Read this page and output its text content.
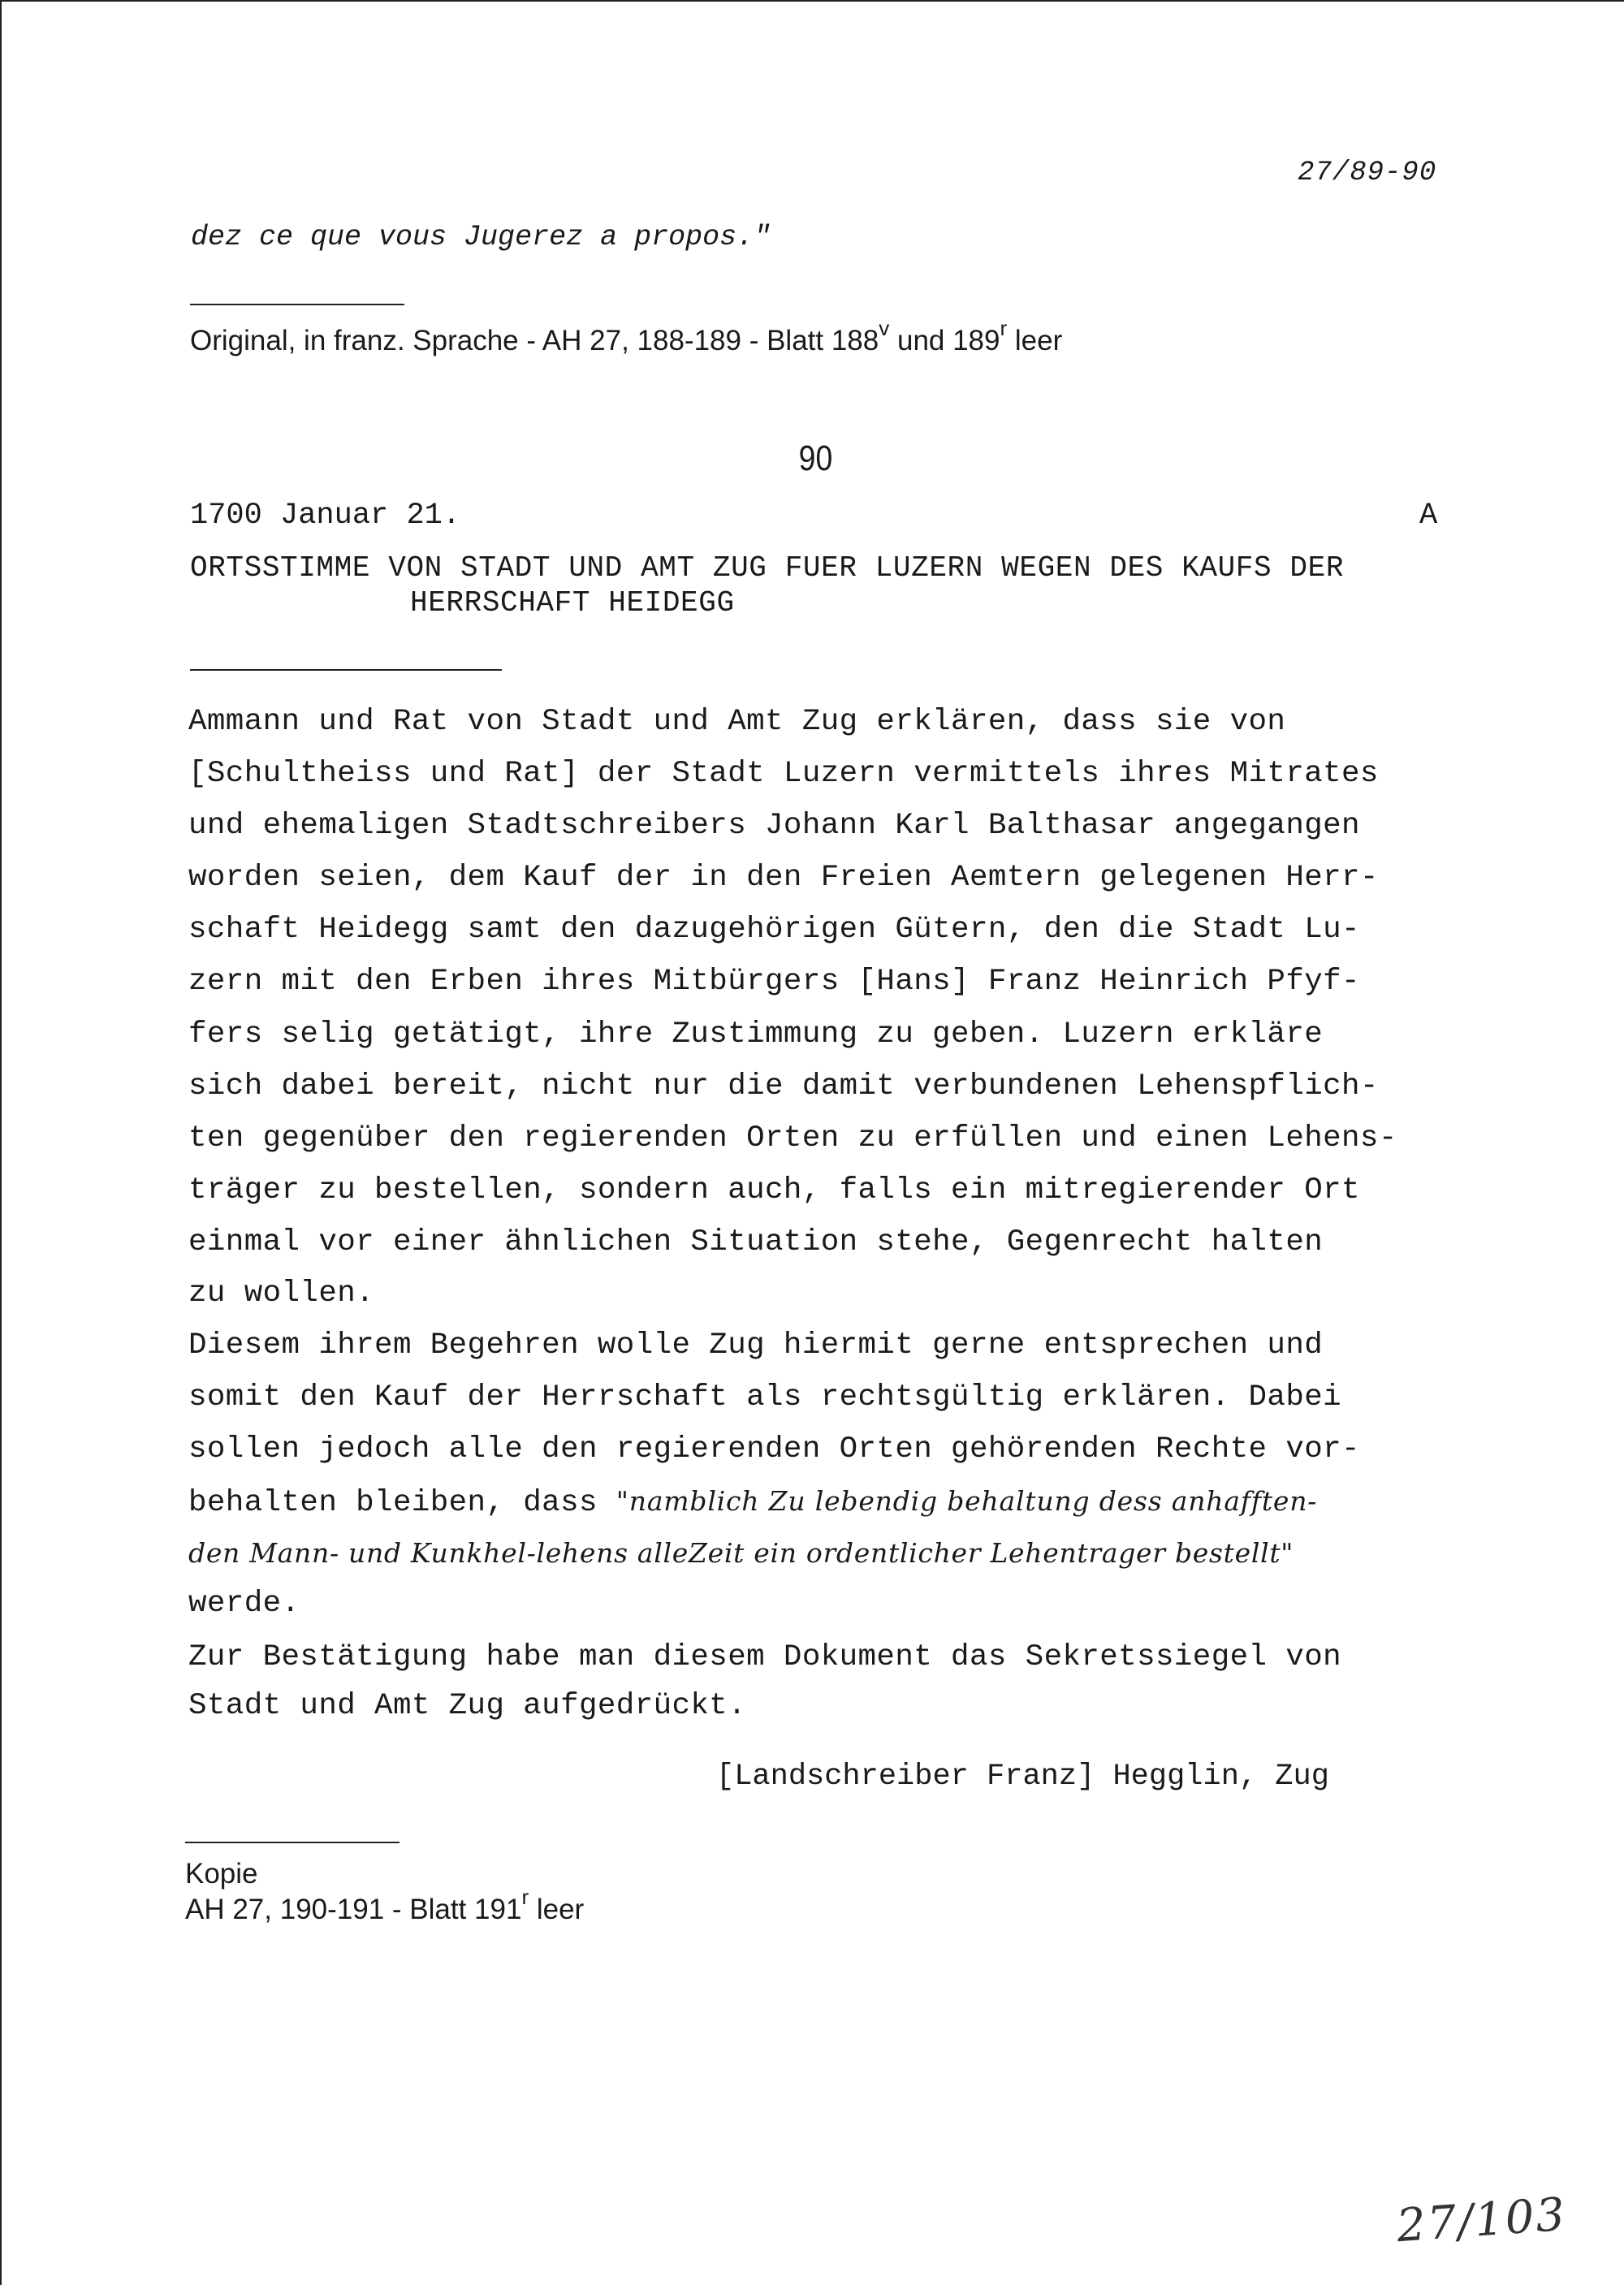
27/89-90
dez ce que vous Jugerez a propos."
Original, in franz. Sprache - AH 27, 188-189 - Blatt 188$^v$ und 189$^r$ leer
90
1700 Januar 21.	A
ORTSSTIMME VON STADT UND AMT ZUG FUER LUZERN WEGEN DES KAUFS DER
HERRSCHAFT HEIDEGG
Ammann und Rat von Stadt und Amt Zug erklären, dass sie von
[Schultheiss und Rat] der Stadt Luzern vermittels ihres Mitrates
und ehemaligen Stadtschreibers Johann Karl Balthasar angegangen
worden seien, dem Kauf der in den Freien Aemtern gelegenen Herr-
schaft Heidegg samt den dazugehörigen Gütern, den die Stadt Lu-
zern mit den Erben ihres Mitbürgers [Hans] Franz Heinrich Pfyf-
fers selig getätigt, ihre Zustimmung zu geben. Luzern erkläre
sich dabei bereit, nicht nur die damit verbundenen Lehenspflich-
ten gegenüber den regierenden Orten zu erfüllen und einen Lehens-
träger zu bestellen, sondern auch, falls ein mitregierender Ort
einmal vor einer ähnlichen Situation stehe, Gegenrecht halten
zu wollen.
Diesem ihrem Begehren wolle Zug hiermit gerne entsprechen und
somit den Kauf der Herrschaft als rechtsgültig erklären. Dabei
sollen jedoch alle den regierenden Orten gehörenden Rechte vor-
behalten bleiben, dass "namblich Zu lebendig behaltung dess anhafften-
den Mann- und Kunkhel-lehens alleZeit ein ordentlicher Lehentrager bestellt"
werde.
Zur Bestätigung habe man diesem Dokument das Sekretssiegel von
Stadt und Amt Zug aufgedrückt.
[Landschreiber Franz] Hegglin, Zug
Kopie
AH 27, 190-191 - Blatt 191$^r$ leer
27/103
